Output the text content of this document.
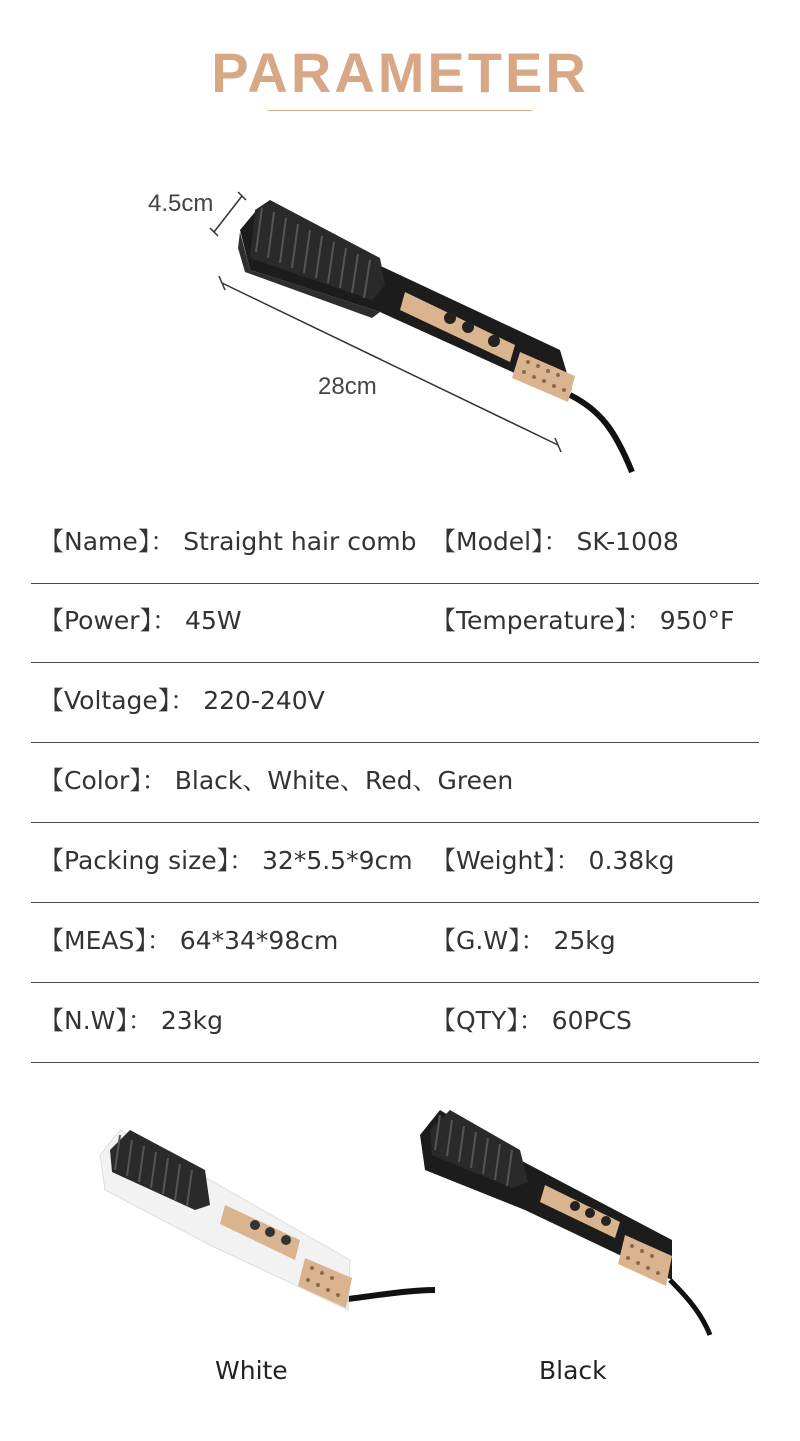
PARAMETER
4.5cm
28cm
【Name】： Straight hair comb 【Model】： SK-1008
【Power】： 45W	【Temperature】： 950°F
【Voltage】： 220-240V
【Color】： Black、White、Red、Green
【Packing size】： 32*5.5*9cm 【Weight】： 0.38kg
【MEAS】： 64*34*98cm	【G.W】： 25kg
【N.W】： 23kg	【QTY】： 60PCS
White	Black
